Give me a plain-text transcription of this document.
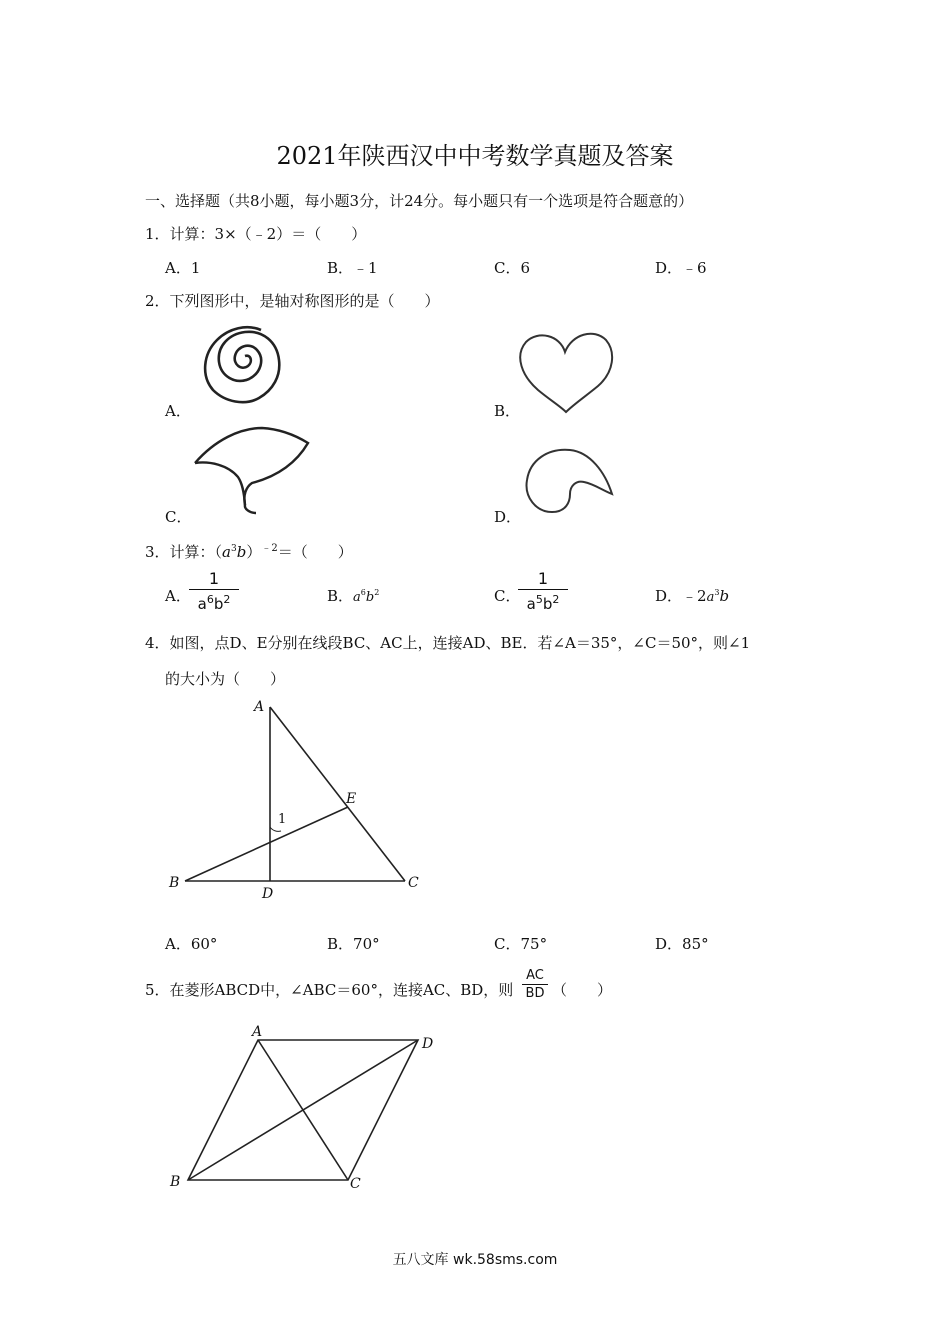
2021年陕西汉中中考数学真题及答案
一、选择题（共8小题，每小题3分，计24分。每小题只有一个选项是符合题意的）
1．计算：3×（﹣2）＝（　　）
A．1	B．﹣1	C．6	D．﹣6
2．下列图形中，是轴对称图形的是（　　）
A．	B．
C．	D．
3．计算：$(a^3b)^{﹣2}=$（　　）
A．
1
$a^6b^2$	B．$a^6b^2$	C．
1
$a^5b^2$	D．$﹣2a^3b$
4．如图，点D、E分别在线段BC、AC上，连接AD、BE．若∠A＝35°，∠C＝50°，则∠1
的大小为（　　）
A
B	C
D
E
1
A．60°	B．70°	C．75°	D．85°
5．在菱形ABCD中，∠ABC＝60°，连接AC、BD，则
AC
BD （　　）
A
B	C
D
五八文库 wk.58sms.com
